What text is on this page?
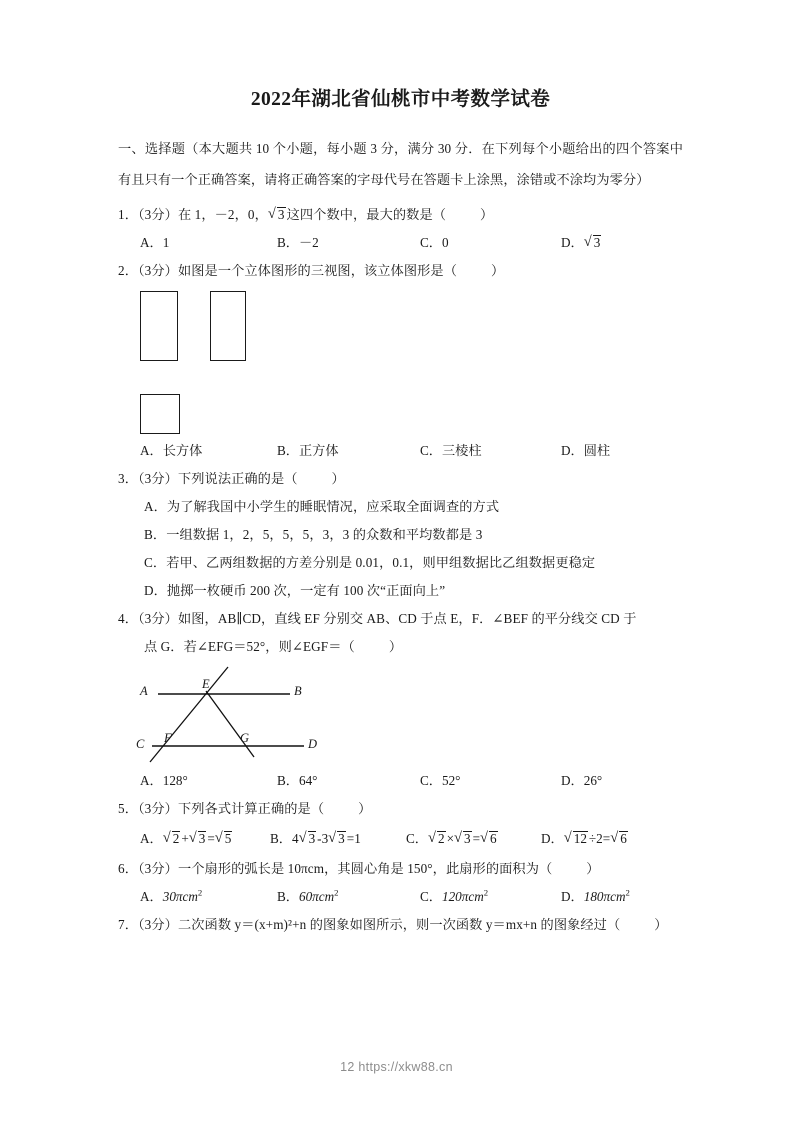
2022年湖北省仙桃市中考数学试卷

一、选择题（本大题共 10 个小题，每小题 3 分，满分 30 分．在下列每个小题给出的四个答案中有且只有一个正确答案，请将正确答案的字母代号在答题卡上涂黑，涂错或不涂均为零分）

1．（3分）在 1，－2，0， √ 3 这四个数中，最大的数是（	）
A．1	B．－2	C．0	D． √ 3
2．（3分）如图是一个立体图形的三视图，该立体图形是（	）
A．长方体	B．正方体	C．三棱柱	D．圆柱
3．（3分）下列说法正确的是（	）
A．为了解我国中小学生的睡眠情况，应采取全面调查的方式
B．一组数据 1，2，5，5，5，3，3 的众数和平均数都是 3
C．若甲、乙两组数据的方差分别是 0.01，0.1，则甲组数据比乙组数据更稳定
D．抛掷一枚硬币 200 次，一定有 100 次“正面向上”
4．（3分）如图，AB∥CD，直线 EF 分别交 AB、CD 于点 E，F．∠BEF 的平分线交 CD 于
点 G．若∠EFG＝52°，则∠EGF＝（	）
A	B
C	D
E
F	G
A．128°	B．64°	C．52°	D．26°
5．（3分）下列各式计算正确的是（	）
A． √ 2 + √ 3 = √ 5	B．4 √ 3 -3 √ 3 =1	C． √ 2 × √ 3 = √ 6	D． √ 12 ÷2= √ 6
6．（3分）一个扇形的弧长是 10πcm，其圆心角是 150°，此扇形的面积为（	）
A．30πcm$^2$	B．60πcm$^2$	C．120πcm$^2$	D．180πcm$^2$
7．（3分）二次函数 y＝(x+m)²+n 的图象如图所示，则一次函数 y＝mx+n 的图象经过（	）
12 https://xkw88.cn
